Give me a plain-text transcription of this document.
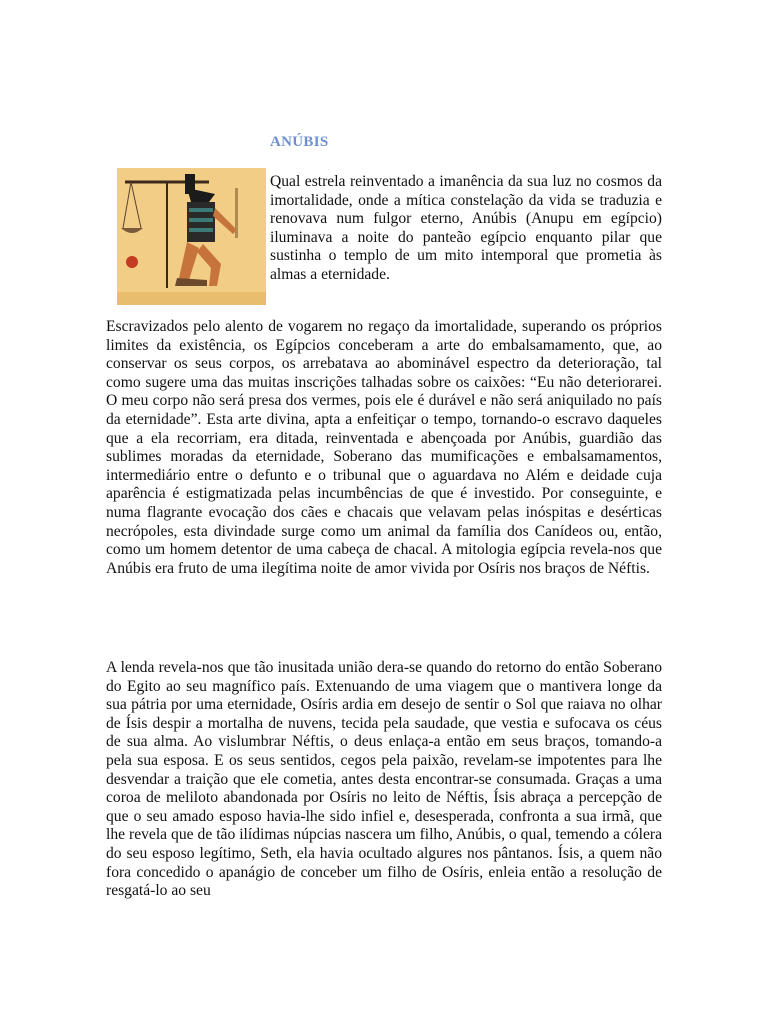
ANÚBIS

Qual estrela reinventado a imanência da sua luz no cosmos da imortalidade, onde a mítica constelação da vida se traduzia e renovava num fulgor eterno, Anúbis (Anupu em egípcio) iluminava a noite do panteão egípcio enquanto pilar que sustinha o templo de um mito intemporal que prometia às almas a eternidade.

Escravizados pelo alento de vogarem no regaço da imortalidade, superando os próprios limites da existência, os Egípcios conceberam a arte do embalsamamento, que, ao conservar os seus corpos, os arrebatava ao abominável espectro da deterioração, tal como sugere uma das muitas inscrições talhadas sobre os caixões: “Eu não deteriorarei. O meu corpo não será presa dos vermes, pois ele é durável e não será aniquilado no país da eternidade”. Esta arte divina, apta a enfeitiçar o tempo, tornando-o escravo daqueles que a ela recorriam, era ditada, reinventada e abençoada por Anúbis, guardião das sublimes moradas da eternidade, Soberano das mumificações e embalsamamentos, intermediário entre o defunto e o tribunal que o aguardava no Além e deidade cuja aparência é estigmatizada pelas incumbências de que é investido. Por conseguinte, e numa flagrante evocação dos cães e chacais que velavam pelas inóspitas e desérticas necrópoles, esta divindade surge como um animal da família dos Canídeos ou, então, como um homem detentor de uma cabeça de chacal. A mitologia egípcia revela-nos que Anúbis era fruto de uma ilegítima noite de amor vivida por Osíris nos braços de Néftis.

A lenda revela-nos que tão inusitada união dera-se quando do retorno do então Soberano do Egito ao seu magnífico país. Extenuando de uma viagem que o mantivera longe da sua pátria por uma eternidade, Osíris ardia em desejo de sentir o Sol que raiava no olhar de Ísis despir a mortalha de nuvens, tecida pela saudade, que vestia e sufocava os céus de sua alma. Ao vislumbrar Néftis, o deus enlaça-a então em seus braços, tomando-a pela sua esposa. E os seus sentidos, cegos pela paixão, revelam-se impotentes para lhe desvendar a traição que ele cometia, antes desta encontrar-se consumada. Graças a uma coroa de meliloto abandonada por Osíris no leito de Néftis, Ísis abraça a percepção de que o seu amado esposo havia-lhe sido infiel e, desesperada, confronta a sua irmã, que lhe revela que de tão ilídimas núpcias nascera um filho, Anúbis, o qual, temendo a cólera do seu esposo legítimo, Seth, ela havia ocultado algures nos pântanos. Ísis, a quem não fora concedido o apanágio de conceber um filho de Osíris, enleia então a resolução de resgatá-lo ao seu
